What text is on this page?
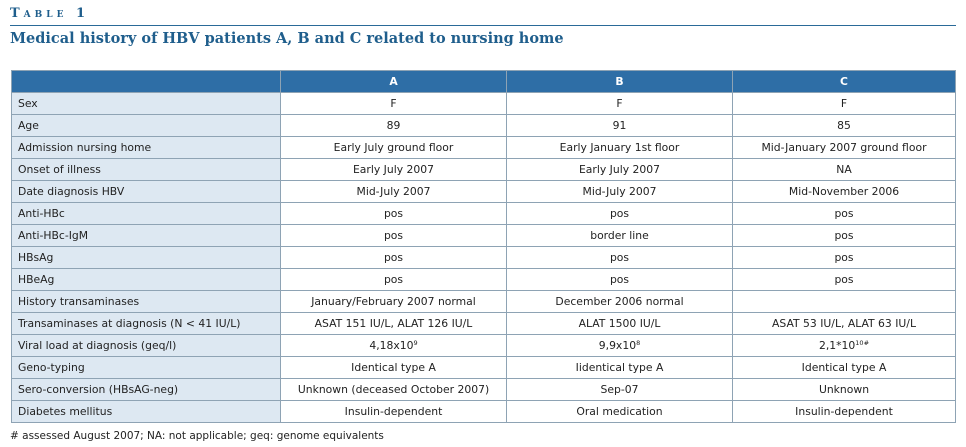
Table 1
Medical history of HBV patients A, B and C related to nursing home
	A	B	C
Sex	F	F	F
Age	89	91	85
Admission nursing home	Early July ground floor	Early January 1st floor	Mid-January 2007 ground floor
Onset of illness	Early July 2007	Early July 2007	NA
Date diagnosis HBV	Mid-July 2007	Mid-July 2007	Mid-November 2006
Anti-HBc	pos	pos	pos
Anti-HBc-IgM	pos	border line	pos
HBsAg	pos	pos	pos
HBeAg	pos	pos	pos
History transaminases	January/February 2007 normal	December 2006 normal	
Transaminases at diagnosis (N < 41 IU/L)	ASAT 151 IU/L, ALAT 126 IU/L	ALAT 1500 IU/L	ASAT 53 IU/L, ALAT 63 IU/L
Viral load at diagnosis (geq/l)	$4,18x10^9$	$9,9x10^8$	$2,1*10^{10\#}$
Geno-typing	Identical type A	Iidentical type A	Identical type A
Sero-conversion (HBsAG-neg)	Unknown (deceased October 2007)	Sep-07	Unknown
Diabetes mellitus	Insulin-dependent	Oral medication	Insulin-dependent
# assessed August 2007; NA: not applicable; geq: genome equivalents
